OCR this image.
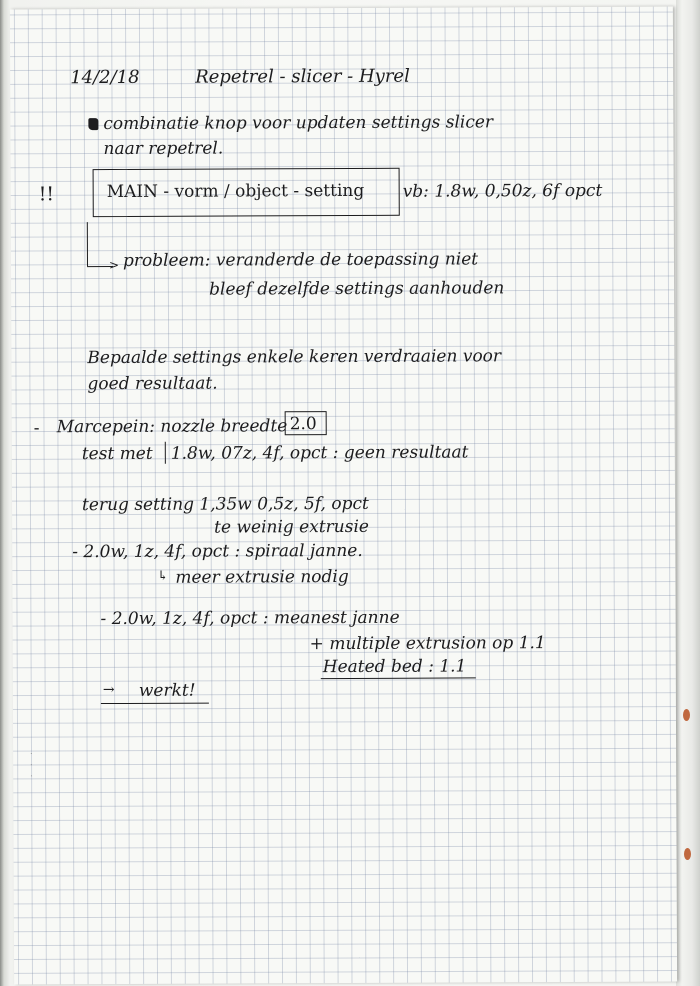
· · ·
14/2/18	Repetrel - slicer - Hyrel
combinatie knop voor updaten settings slicer
naar repetrel.
!!	MAIN - vorm / object - setting vb: 1.8w, 0,50z, 6f opct
> probleem: veranderde de toepassing niet
bleef dezelfde settings aanhouden
Bepaalde settings enkele keren verdraaien voor
goed resultaat.
- Marcepein: nozzle breedte 2.0
test met 1.8w, 07z, 4f, opct : geen resultaat
terug setting 1,35w 0,5z, 5f, opct
te weinig extrusie
- 2.0w, 1z, 4f, opct : spiraal janne.
↳ meer extrusie nodig
- 2.0w, 1z, 4f, opct : meanest janne
+ multiple extrusion op 1.1
Heated bed : 1.1
→ werkt!
